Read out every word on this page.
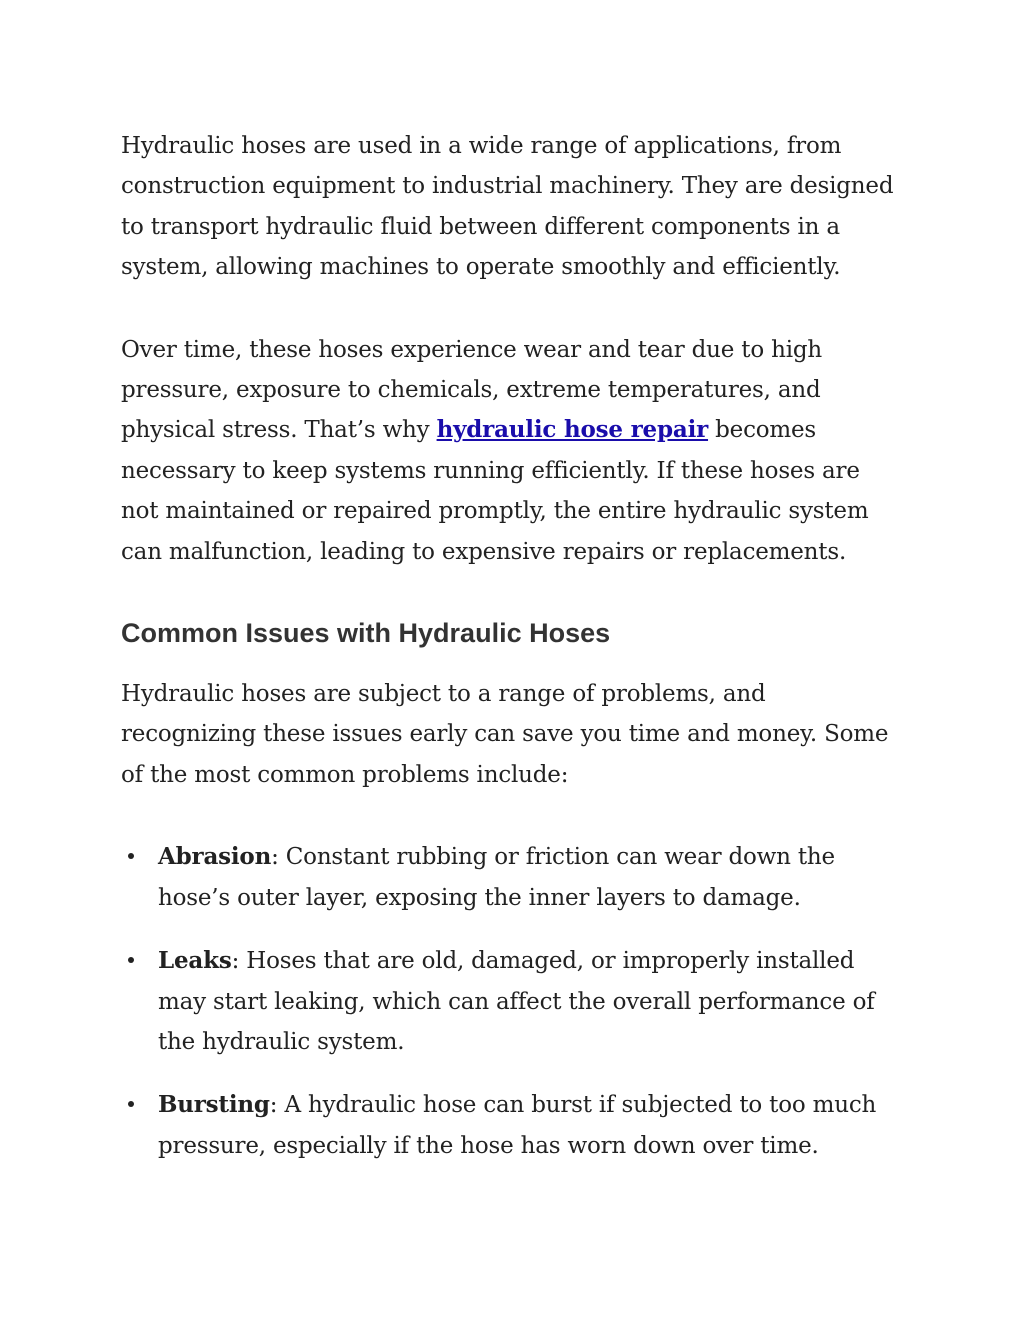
Hydraulic hoses are used in a wide range of applications, from construction equipment to industrial machinery. They are designed to transport hydraulic fluid between different components in a system, allowing machines to operate smoothly and efficiently.

Over time, these hoses experience wear and tear due to high pressure, exposure to chemicals, extreme temperatures, and physical stress. That’s why hydraulic hose repair becomes necessary to keep systems running efficiently. If these hoses are not maintained or repaired promptly, the entire hydraulic system can malfunction, leading to expensive repairs or replacements.

Common Issues with Hydraulic Hoses

Hydraulic hoses are subject to a range of problems, and recognizing these issues early can save you time and money. Some of the most common problems include:

Abrasion: Constant rubbing or friction can wear down the hose’s outer layer, exposing the inner layers to damage.
Leaks: Hoses that are old, damaged, or improperly installed may start leaking, which can affect the overall performance of the hydraulic system.
Bursting: A hydraulic hose can burst if subjected to too much pressure, especially if the hose has worn down over time.
